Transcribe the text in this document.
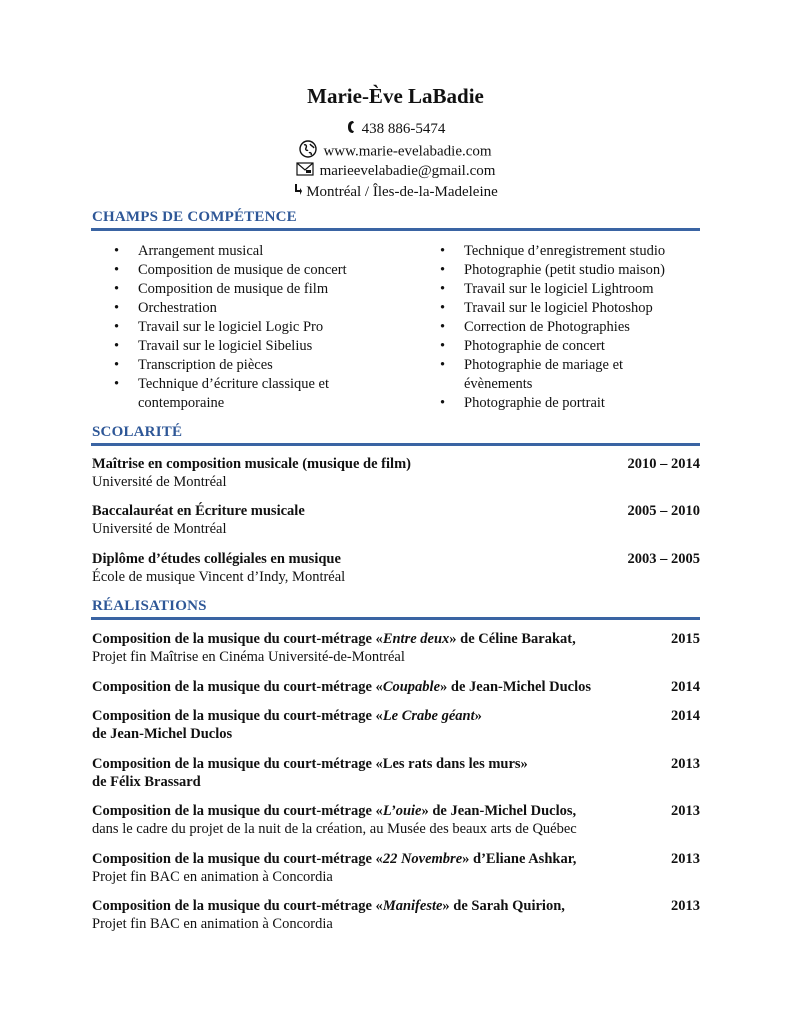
Marie-Ève LaBadie
438 886-5474
www.marie-evelabadie.com
marieevelabadie@gmail.com
Montréal / Îles-de-la-Madeleine
CHAMPS DE COMPÉTENCE
• Arrangement musical
• Composition de musique de concert
• Composition de musique de film
• Orchestration
• Travail sur le logiciel Logic Pro
• Travail sur le logiciel Sibelius
• Transcription de pièces
• Technique d’écriture classique et contemporaine
• Technique d’enregistrement studio
• Photographie (petit studio maison)
• Travail sur le logiciel Lightroom
• Travail sur le logiciel Photoshop
• Correction de Photographies
• Photographie de concert
• Photographie de mariage et évènements
• Photographie de portrait
SCOLARITÉ
Maîtrise en composition musicale (musique de film)	2010 – 2014
Université de Montréal
Baccalauréat en Écriture musicale	2005 – 2010
Université de Montréal
Diplôme d’études collégiales en musique	2003 – 2005
École de musique Vincent d’Indy, Montréal
RÉALISATIONS
Composition de la musique du court-métrage «Entre deux» de Céline Barakat,	2015
Projet fin Maîtrise en Cinéma Université-de-Montréal
Composition de la musique du court-métrage «Coupable» de Jean-Michel Duclos	2014
Composition de la musique du court-métrage «Le Crabe géant»	2014
de Jean-Michel Duclos
Composition de la musique du court-métrage «Les rats dans les murs»	2013
de Félix Brassard
Composition de la musique du court-métrage «L’ouie» de Jean-Michel Duclos,	2013
dans le cadre du projet de la nuit de la création, au Musée des beaux arts de Québec
Composition de la musique du court-métrage «22 Novembre» d’Eliane Ashkar,	2013
Projet fin BAC en animation à Concordia
Composition de la musique du court-métrage «Manifeste» de Sarah Quirion,	2013
Projet fin BAC en animation à Concordia
